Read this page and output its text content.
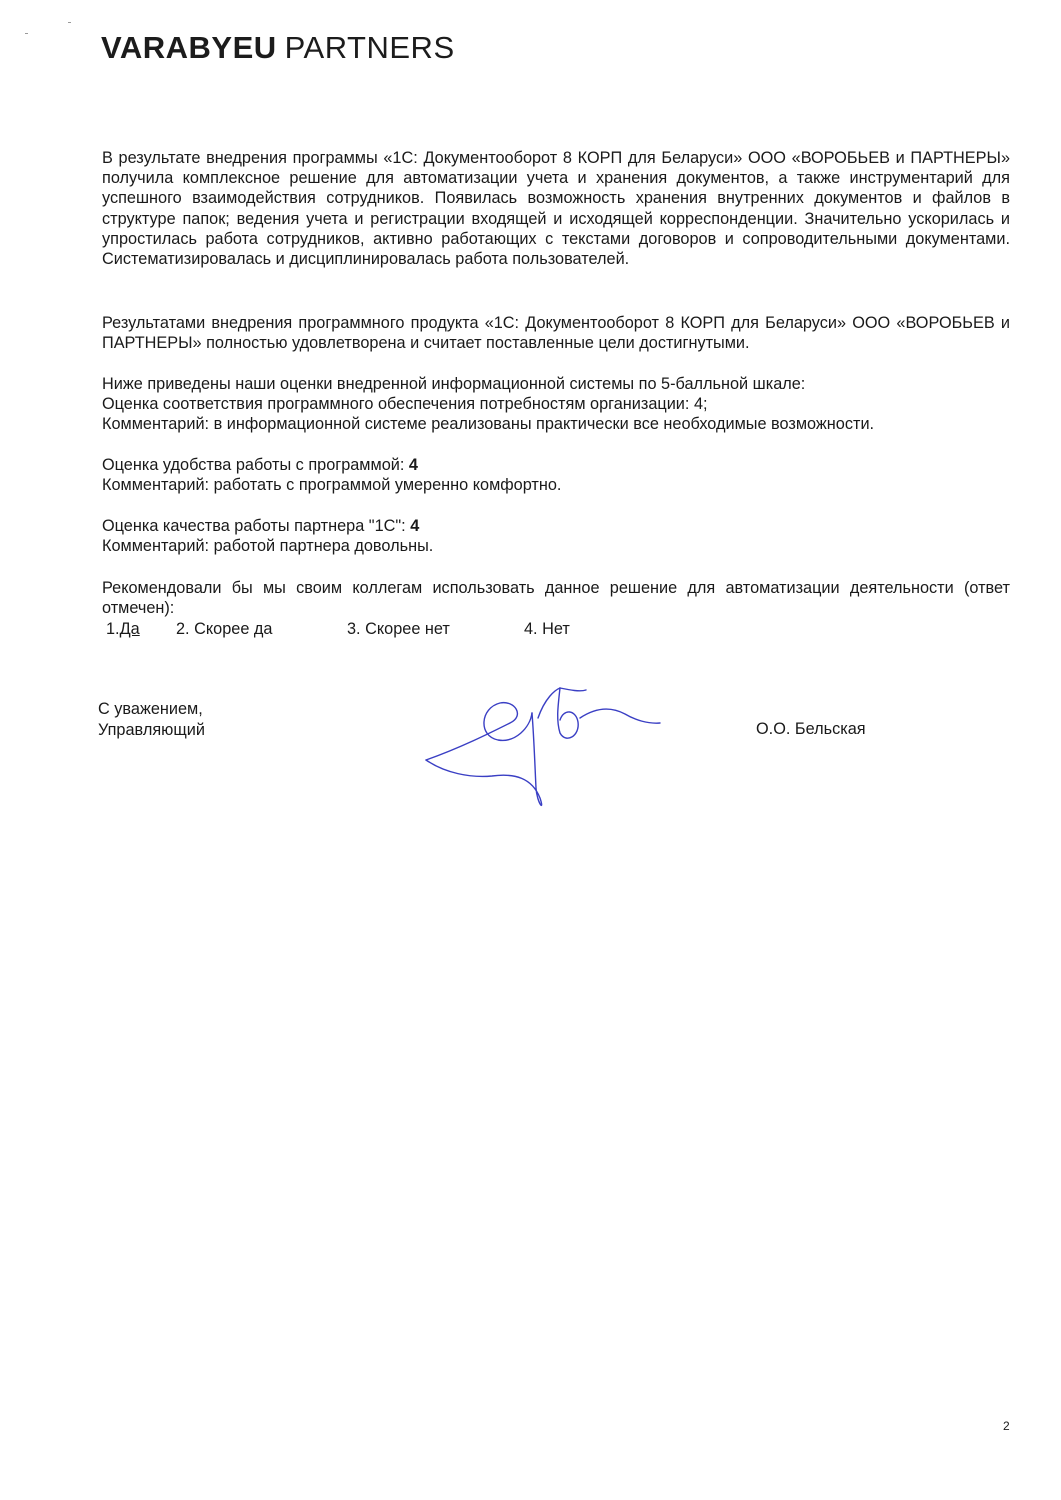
VARABYEU PARTNERS
В результате внедрения программы «1С: Документооборот 8 КОРП для Беларуси» ООО «ВОРОБЬЕВ и ПАРТНЕРЫ» получила комплексное решение для автоматизации учета и хранения документов, а также инструментарий для успешного взаимодействия сотрудников. Появилась возможность хранения внутренних документов и файлов в структуре папок; ведения учета и регистрации входящей и исходящей корреспонденции. Значительно ускорилась и упростилась работа сотрудников, активно работающих с текстами договоров и сопроводительными документами. Систематизировалась и дисциплинировалась работа пользователей.
Результатами внедрения программного продукта «1С: Документооборот 8 КОРП для Беларуси» ООО «ВОРОБЬЕВ и ПАРТНЕРЫ» полностью удовлетворена и считает поставленные цели достигнутыми.
Ниже приведены наши оценки внедренной информационной системы по 5-балльной шкале:
Оценка соответствия программного обеспечения потребностям организации: 4;
Комментарий: в информационной системе реализованы практически все необходимые возможности.
Оценка удобства работы с программой: 4
Комментарий: работать с программой умеренно комфортно.
Оценка качества работы партнера "1С": 4
Комментарий: работой партнера довольны.
Рекомендовали бы мы своим коллегам использовать данное решение для автоматизации деятельности (ответ отмечен):
1.Да	2. Скорее да	3. Скорее нет	4. Нет
С уважением,
Управляющий	О.О. Бельская
2
